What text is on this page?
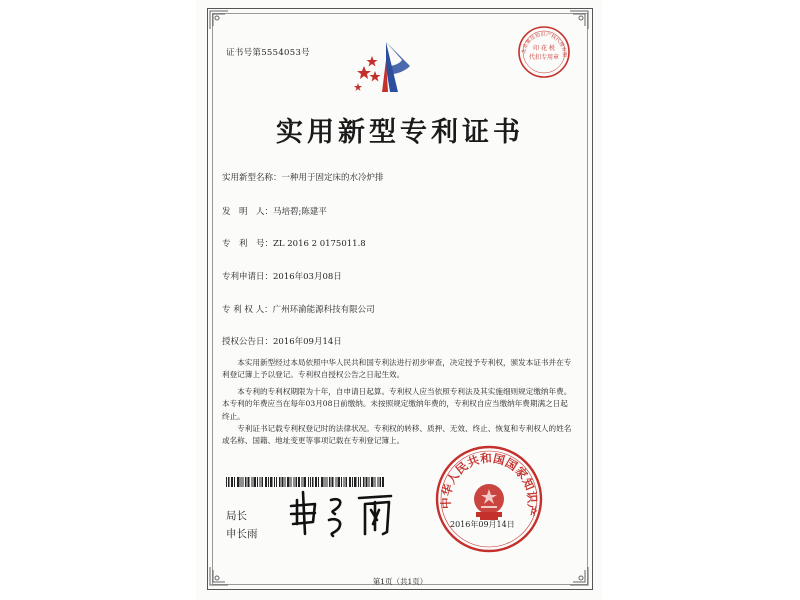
证书号第5554053号	北京集佳知识产权代理有限
印 花 税
代扣专用章
实用新型专利证书
实用新型名称：一种用于固定床的水冷炉排
发　明　人：马培碧;陈建平
专　利　号：ZL 2016 2 0175011.8
专利申请日：2016年03月08日
专 利 权 人：广州环渝能源科技有限公司
授权公告日：2016年09月14日

本实用新型经过本局依照中华人民共和国专利法进行初步审查，决定授予专利权，颁发本证书并在专利登记簿上予以登记。专利权自授权公告之日起生效。

本专利的专利权期限为十年，自申请日起算。专利权人应当依照专利法及其实施细则规定缴纳年费。本专利的年费应当在每年03月08日前缴纳。未按照规定缴纳年费的，专利权自应当缴纳年费期满之日起终止。

专利证书记载专利权登记时的法律状况。专利权的转移、质押、无效、终止、恢复和专利权人的姓名或名称、国籍、地址变更等事项记载在专利登记簿上。

局长
申长雨
中华人民共和国国家知识产
2016年09月14日
第1页（共1页）
